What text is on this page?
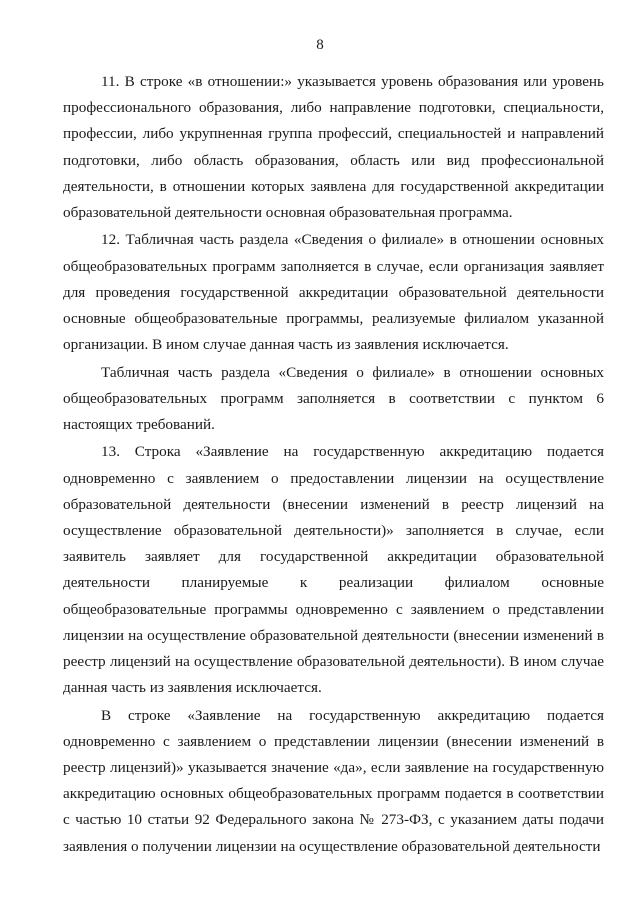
8

11. В строке «в отношении:» указывается уровень образования или уровень профессионального образования, либо направление подготовки, специальности, профессии, либо укрупненная группа профессий, специальностей и направлений подготовки, либо область образования, область или вид профессиональной деятельности, в отношении которых заявлена для государственной аккредитации образовательной деятельности основная образовательная программа.

12. Табличная часть раздела «Сведения о филиале» в отношении основных общеобразовательных программ заполняется в случае, если организация заявляет для проведения государственной аккредитации образовательной деятельности основные общеобразовательные программы, реализуемые филиалом указанной организации. В ином случае данная часть из заявления исключается.

Табличная часть раздела «Сведения о филиале» в отношении основных общеобразовательных программ заполняется в соответствии с пунктом 6 настоящих требований.

13. Строка «Заявление на государственную аккредитацию подается одновременно с заявлением о предоставлении лицензии на осуществление образовательной деятельности (внесении изменений в реестр лицензий на осуществление образовательной деятельности)» заполняется в случае, если заявитель заявляет для государственной аккредитации образовательной деятельности планируемые к реализации филиалом основные общеобразовательные программы одновременно с заявлением о представлении лицензии на осуществление образовательной деятельности (внесении изменений в реестр лицензий на осуществление образовательной деятельности). В ином случае данная часть из заявления исключается.

В строке «Заявление на государственную аккредитацию подается одновременно с заявлением о представлении лицензии (внесении изменений в реестр лицензий)» указывается значение «да», если заявление на государственную аккредитацию основных общеобразовательных программ подается в соответствии с частью 10 статьи 92 Федерального закона № 273-ФЗ, с указанием даты подачи заявления о получении лицензии на осуществление образовательной деятельности
